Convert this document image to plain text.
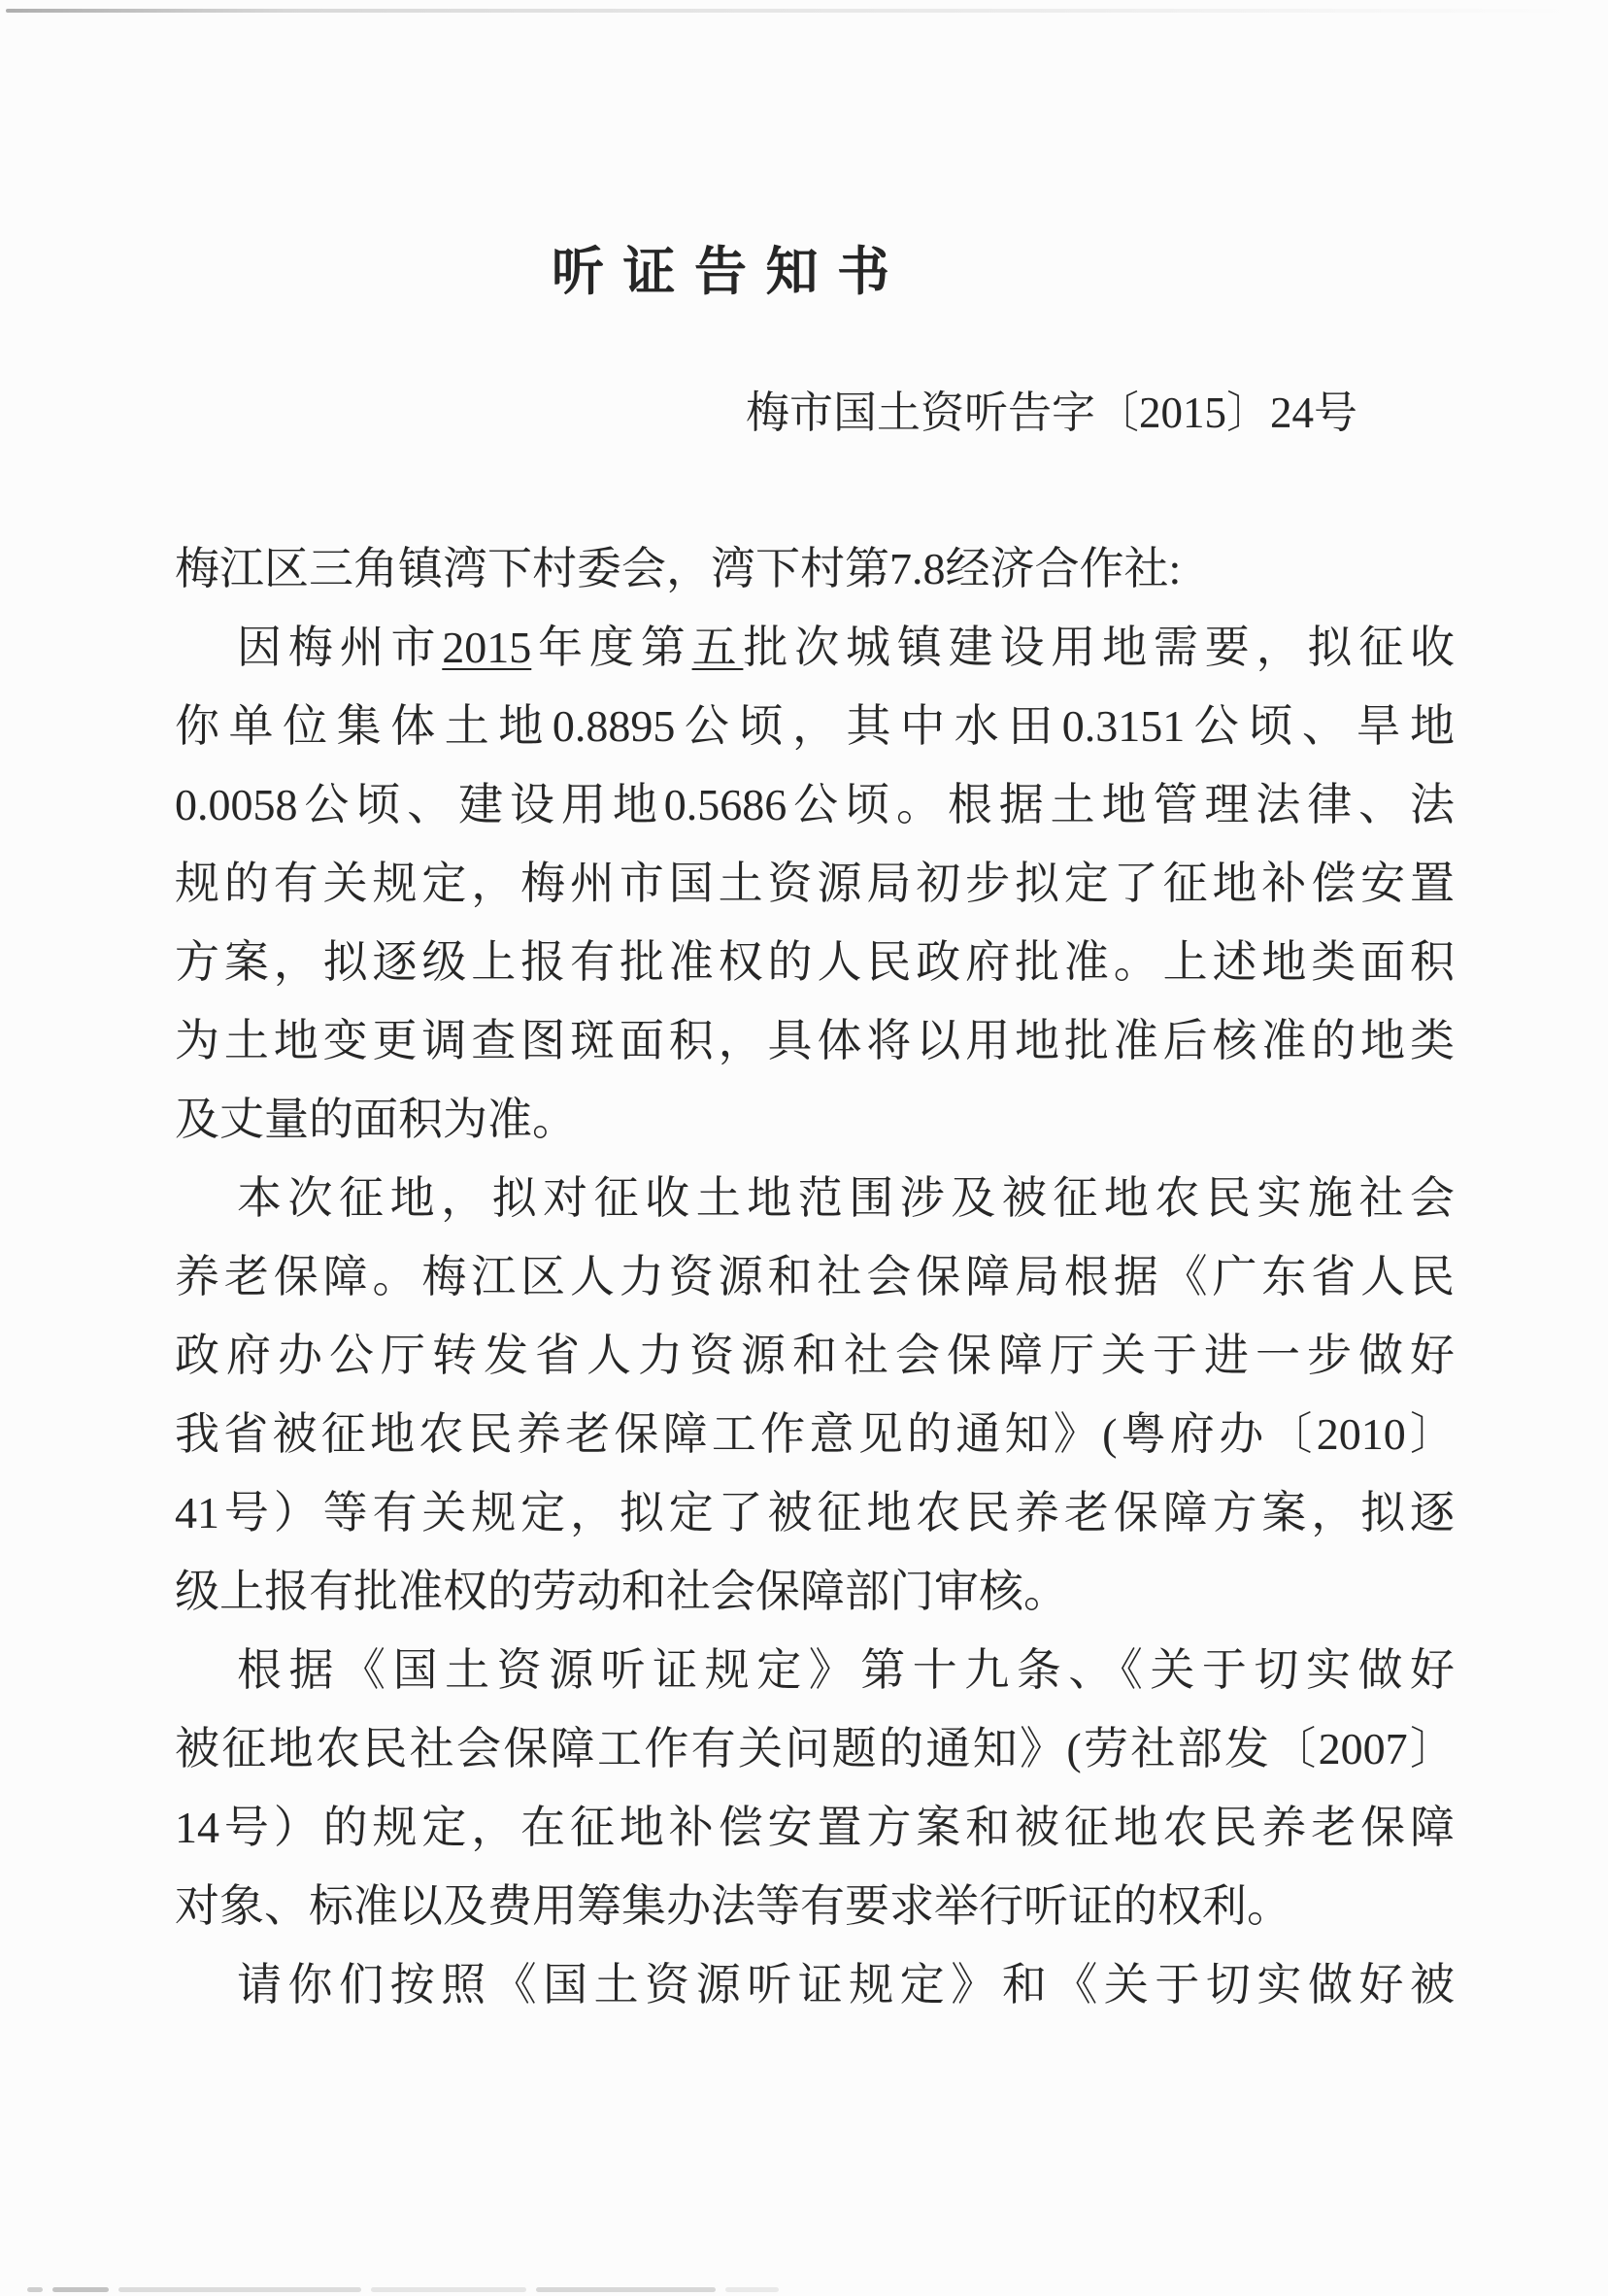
听 证 告 知 书
梅市国土资听告字〔2015〕24号
梅江区三角镇湾下村委会，湾下村第7.8经济合作社:
因梅州市2015年度第五批次城镇建设用地需要，拟征收
你单位集体土地0.8895公顷，其中水田0.3151公顷、旱地
0.0058公顷、建设用地0.5686公顷。根据土地管理法律、法
规的有关规定，梅州市国土资源局初步拟定了征地补偿安置
方案，拟逐级上报有批准权的人民政府批准。上述地类面积
为土地变更调查图斑面积，具体将以用地批准后核准的地类
及丈量的面积为准。
本次征地，拟对征收土地范围涉及被征地农民实施社会
养老保障。梅江区人力资源和社会保障局根据《广东省人民
政府办公厅转发省人力资源和社会保障厅关于进一步做好
我省被征地农民养老保障工作意见的通知》(粤府办〔2010〕
41号）等有关规定，拟定了被征地农民养老保障方案，拟逐
级上报有批准权的劳动和社会保障部门审核。
根据《国土资源听证规定》第十九条、《关于切实做好
被征地农民社会保障工作有关问题的通知》(劳社部发〔2007〕
14号）的规定，在征地补偿安置方案和被征地农民养老保障
对象、标准以及费用筹集办法等有要求举行听证的权利。
请你们按照《国土资源听证规定》和《关于切实做好被
